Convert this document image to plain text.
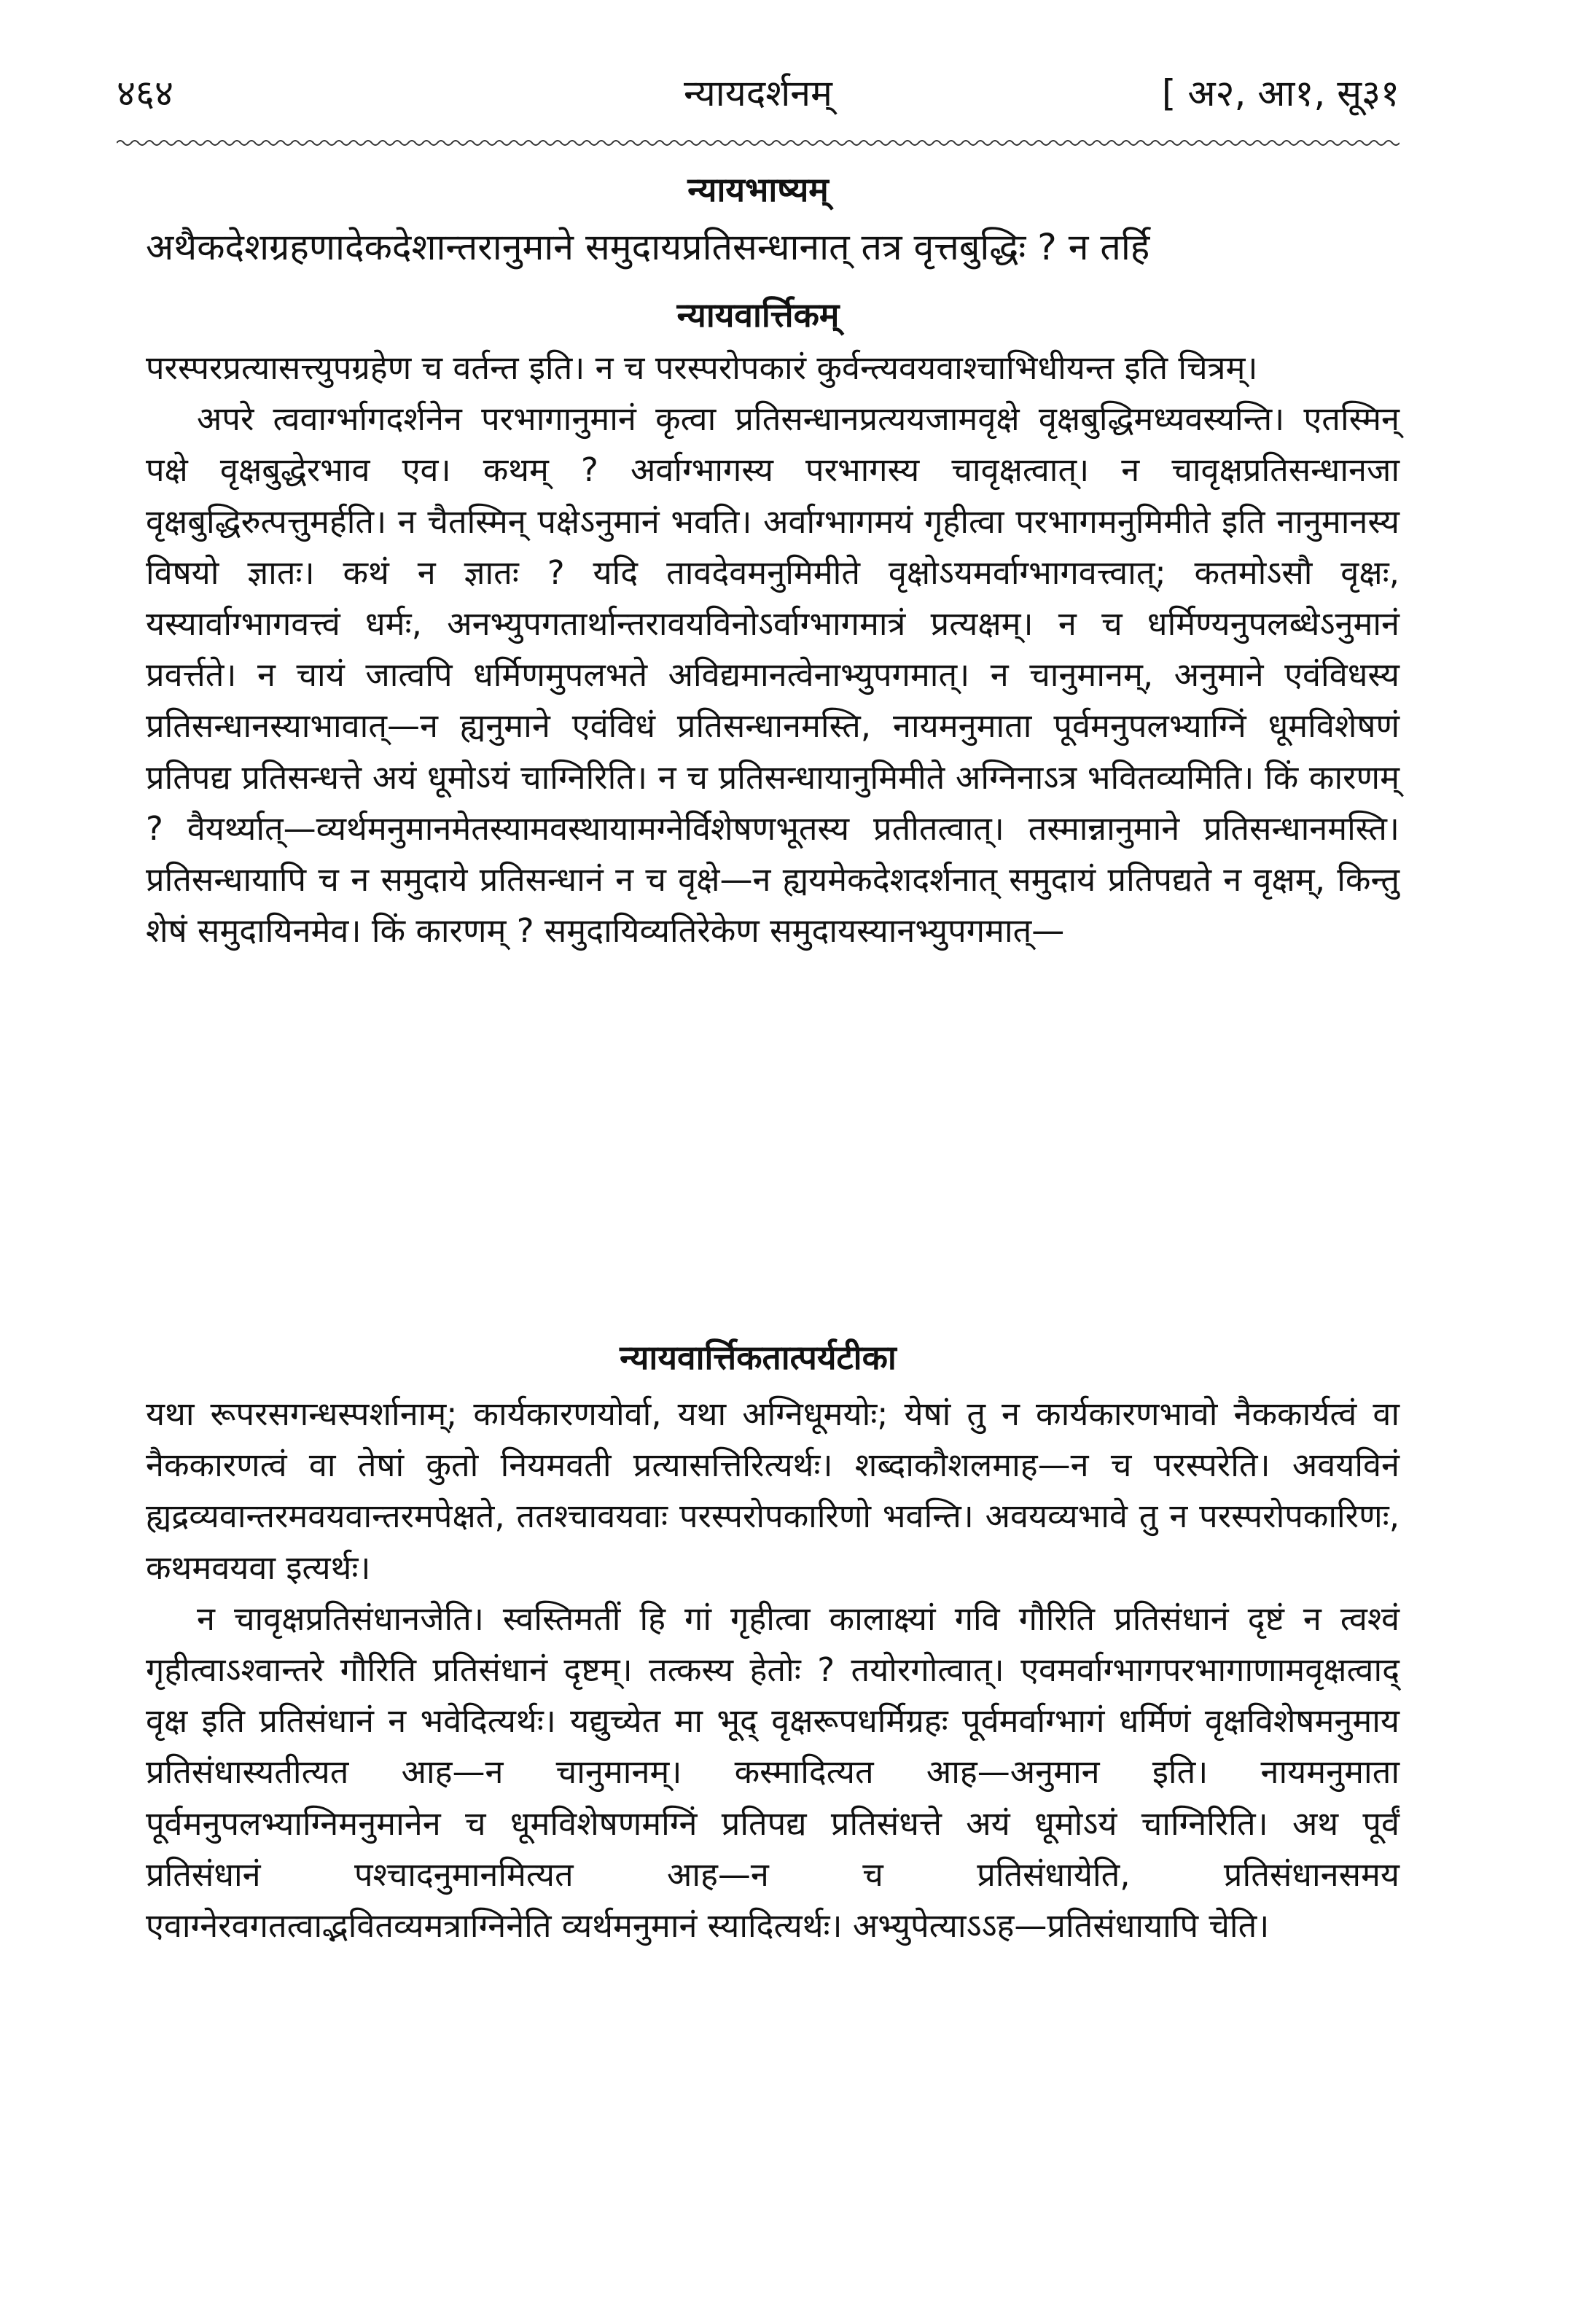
४६४	न्यायदर्शनम्	[ अ२, आ१, सू३१
न्यायभाष्यम्

अथैकदेशग्रहणादेकदेशान्तरानुमाने समुदायप्रतिसन्धानात् तत्र वृत्तबुद्धिः ? न तर्हि

न्यायवार्त्तिकम्

परस्परप्रत्यासत्त्युपग्रहेण च वर्तन्त इति। न च परस्परोपकारं कुर्वन्त्यवयवाश्चाभिधीयन्त इति चित्रम्।

अपरे त्ववार्ग्भागदर्शनेन परभागानुमानं कृत्वा प्रतिसन्धानप्रत्ययजामवृक्षे वृक्षबुद्धिमध्यवस्यन्ति। एतस्मिन् पक्षे वृक्षबुद्धेरभाव एव। कथम् ? अर्वाग्भागस्य परभागस्य चावृक्षत्वात्। न चावृक्षप्रतिसन्धानजा वृक्षबुद्धिरुत्पत्तुमर्हति। न चैतस्मिन् पक्षेऽनुमानं भवति। अर्वाग्भागमयं गृहीत्वा परभागमनुमिमीते इति नानुमानस्य विषयो ज्ञातः। कथं न ज्ञातः ? यदि तावदेवमनुमिमीते वृक्षोऽयमर्वाग्भागवत्त्वात्; कतमोऽसौ वृक्षः, यस्यार्वाग्भागवत्त्वं धर्मः, अनभ्युपगतार्थान्तरावयविनोऽर्वाग्भागमात्रं प्रत्यक्षम्। न च धर्मिण्यनुपलब्धेऽनुमानं प्रवर्त्तते। न चायं जात्वपि धर्मिणमुपलभते अविद्यमानत्वेनाभ्युपगमात्। न चानुमानम्, अनुमाने एवंविधस्य प्रतिसन्धानस्याभावात्—न ह्यनुमाने एवंविधं प्रतिसन्धानमस्ति, नायमनुमाता पूर्वमनुपलभ्याग्निं धूमविशेषणं प्रतिपद्य प्रतिसन्धत्ते अयं धूमोऽयं चाग्निरिति। न च प्रतिसन्धायानुमिमीते अग्निनाऽत्र भवितव्यमिति। किं कारणम् ? वैयर्थ्यात्—व्यर्थमनुमानमेतस्यामवस्थायामग्नेर्विशेषणभूतस्य प्रतीतत्वात्। तस्मान्नानुमाने प्रतिसन्धानमस्ति। प्रतिसन्धायापि च न समुदाये प्रतिसन्धानं न च वृक्षे—न ह्ययमेकदेशदर्शनात् समुदायं प्रतिपद्यते न वृक्षम्, किन्तु शेषं समुदायिनमेव। किं कारणम् ? समुदायिव्यतिरेकेण समुदायस्यानभ्युपगमात्—

न्यायवार्त्तिकतात्पर्यटीका

यथा रूपरसगन्धस्पर्शानाम्; कार्यकारणयोर्वा, यथा अग्निधूमयोः; येषां तु न कार्यकारणभावो नैककार्यत्वं वा नैककारणत्वं वा तेषां कुतो नियमवती प्रत्यासत्तिरित्यर्थः। शब्दाकौशलमाह—न च परस्परेति। अवयविनं ह्यद्रव्यवान्तरमवयवान्तरमपेक्षते, ततश्चावयवाः परस्परोपकारिणो भवन्ति। अवयव्यभावे तु न परस्परोपकारिणः, कथमवयवा इत्यर्थः।

न चावृक्षप्रतिसंधानजेति। स्वस्तिमतीं हि गां गृहीत्वा कालाक्ष्यां गवि गौरिति प्रतिसंधानं दृष्टं न त्वश्वं गृहीत्वाऽश्वान्तरे गौरिति प्रतिसंधानं दृष्टम्। तत्कस्य हेतोः ? तयोरगोत्वात्। एवमर्वाग्भागपरभागाणामवृक्षत्वाद् वृक्ष इति प्रतिसंधानं न भवेदित्यर्थः। यद्युच्येत मा भूद् वृक्षरूपधर्मिग्रहः पूर्वमर्वाग्भागं धर्मिणं वृक्षविशेषमनुमाय प्रतिसंधास्यतीत्यत आह—न चानुमानम्। कस्मादित्यत आह—अनुमान इति। नायमनुमाता पूर्वमनुपलभ्याग्निमनुमानेन च धूमविशेषणमग्निं प्रतिपद्य प्रतिसंधत्ते अयं धूमोऽयं चाग्निरिति। अथ पूर्वं प्रतिसंधानं पश्चादनुमानमित्यत आह—न च प्रतिसंधायेति, प्रतिसंधानसमय एवाग्नेरवगतत्वाद्भवितव्यमत्राग्निनेति व्यर्थमनुमानं स्यादित्यर्थः। अभ्युपेत्याऽऽह—प्रतिसंधायापि चेति।
